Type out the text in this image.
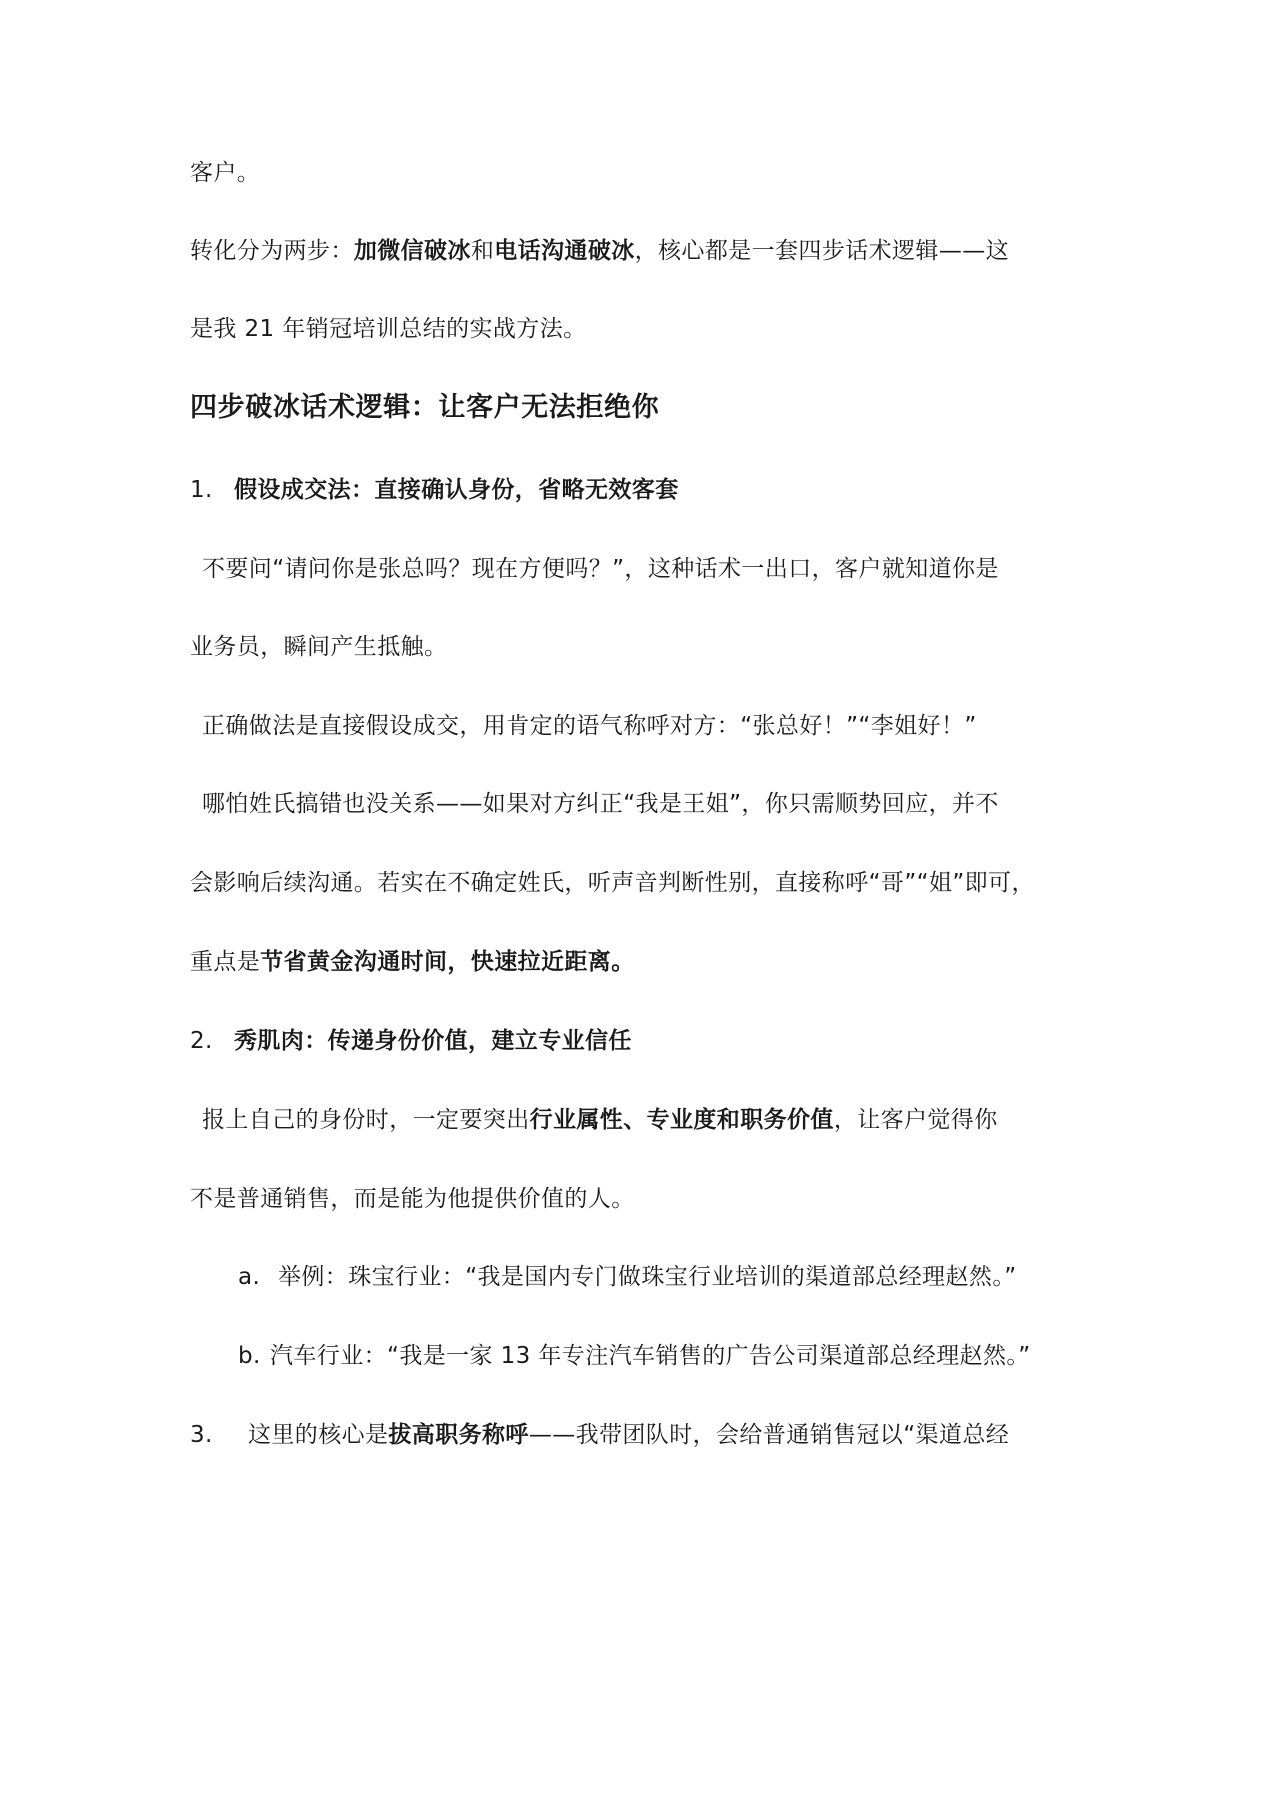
客户。
转化分为两步：加微信破冰和电话沟通破冰，核心都是一套四步话术逻辑——这
是我 21 年销冠培训总结的实战方法。
四步破冰话术逻辑：让客户无法拒绝你
1. 假设成交法：直接确认身份，省略无效客套
不要问“请问你是张总吗？现在方便吗？”，这种话术一出口，客户就知道你是
业务员，瞬间产生抵触。
正确做法是直接假设成交，用肯定的语气称呼对方：“张总好！”“李姐好！”
哪怕姓氏搞错也没关系——如果对方纠正“我是王姐”，你只需顺势回应，并不
会影响后续沟通。若实在不确定姓氏，听声音判断性别，直接称呼“哥”“姐”即可，
重点是节省黄金沟通时间，快速拉近距离。
2. 秀肌肉：传递身份价值，建立专业信任
报上自己的身份时，一定要突出行业属性、专业度和职务价值，让客户觉得你
不是普通销售，而是能为他提供价值的人。
a. 举例：珠宝行业：“我是国内专门做珠宝行业培训的渠道部总经理赵然。”
b. 汽车行业：“我是一家 13 年专注汽车销售的广告公司渠道部总经理赵然。”
3. 这里的核心是拔高职务称呼——我带团队时，会给普通销售冠以“渠道总经
